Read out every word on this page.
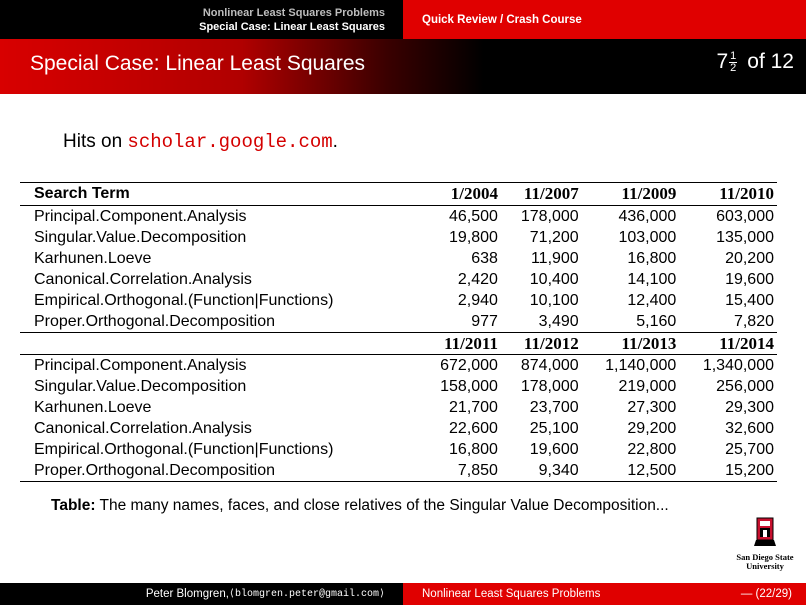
Nonlinear Least Squares Problems
Special Case: Linear Least Squares
Quick Review / Crash Course
Special Case: Linear Least Squares	$7 \frac{1}{2}$ of 12
Hits on scholar.google.com.
Search Term	1/2004	11/2007	11/2009	11/2010

Principal.Component.Analysis	46,500	178,000	436,000	603,000
Singular.Value.Decomposition	19,800	71,200	103,000	135,000
Karhunen.Loeve	638	11,900	16,800	20,200
Canonical.Correlation.Analysis	2,420	10,400	14,100	19,600
Empirical.Orthogonal.(Function|Functions)	2,940	10,100	12,400	15,400
Proper.Orthogonal.Decomposition	977	3,490	5,160	7,820
	11/2011	11/2012	11/2013	11/2014
Principal.Component.Analysis	672,000	874,000	1,140,000	1,340,000
Singular.Value.Decomposition	158,000	178,000	219,000	256,000
Karhunen.Loeve	21,700	23,700	27,300	29,300
Canonical.Correlation.Analysis	22,600	25,100	29,200	32,600
Empirical.Orthogonal.(Function|Functions)	16,800	19,600	22,800	25,700
Proper.Orthogonal.Decomposition	7,850	9,340	12,500	15,200
Table: The many names, faces, and close relatives of the Singular Value Decomposition...
San Diego State
University
Peter Blomgren, ⟨blomgren.peter@gmail.com⟩	Nonlinear Least Squares Problems	— (22/29)
